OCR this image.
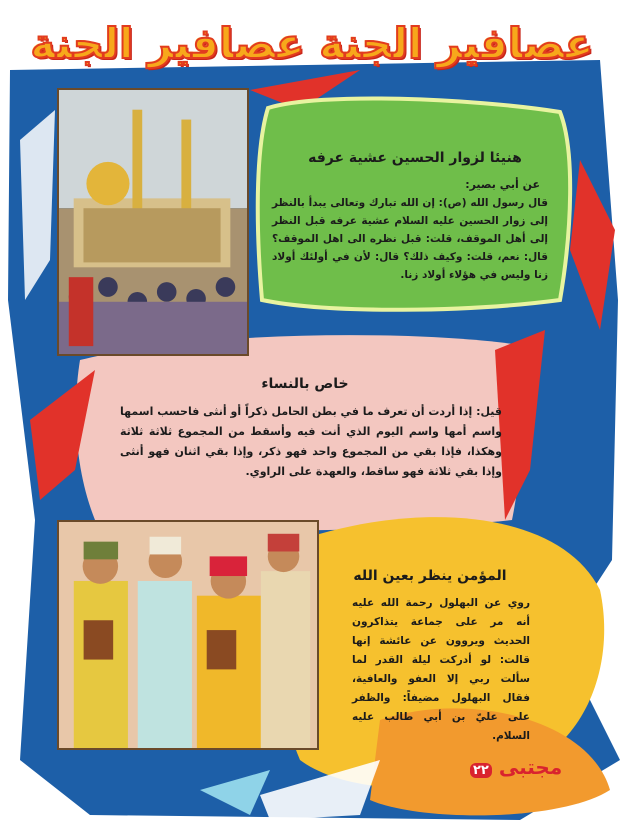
عصافير الجنة عصافير الجنة
هنيئا لزوار الحسين عشية عرفه
عن أبي بصير:
قال رسول الله (ص): إن الله تبارك وتعالى يبدأ بالنظر إلى زوار الحسين عليه السلام عشية عرفه قبل النظر إلى أهل الموقف، قلت: قبل نظره الى اهل الموقف؟ قال: نعم، قلت: وكيف ذلك؟ قال: لأن في أولئك أولاد زنا وليس في هؤلاء أولاد زنا.
خاص بالنساء
قيل: إذا أردت أن تعرف ما في بطن الحامل ذكراً أو أنثى فاحسب اسمها واسم أمها واسم اليوم الذي أنت فيه وأسقط من المجموع ثلاثة ثلاثة وهكذا، فإذا بقي من المجموع واحد فهو ذكر، وإذا بقي اثنان فهو أنثى وإذا بقي ثلاثة فهو ساقط، والعهدة على الراوي.
المؤمن ينظر بعين الله
روي عن البهلول رحمة الله عليه أنه مر على جماعة يتذاكرون الحديث ويروون عن عائشة إنها قالت: لو أدركت ليلة القدر لما سألت ربي إلا العفو والعافية، فقال البهلول مضيفاً: والظفر على عليّ بن أبي طالب عليه السلام.
مجتبى ٢٢
